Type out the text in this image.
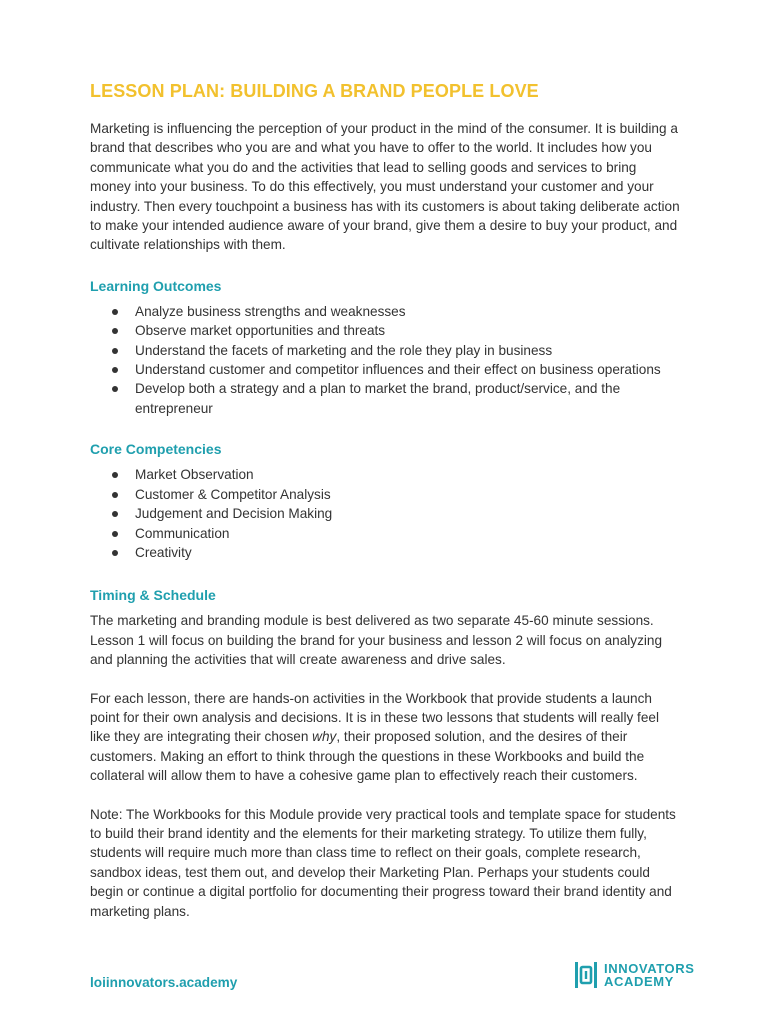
LESSON PLAN: BUILDING A BRAND PEOPLE LOVE

Marketing is influencing the perception of your product in the mind of the consumer. It is building a brand that describes who you are and what you have to offer to the world. It includes how you communicate what you do and the activities that lead to selling goods and services to bring money into your business. To do this effectively, you must understand your customer and your industry. Then every touchpoint a business has with its customers is about taking deliberate action to make your intended audience aware of your brand, give them a desire to buy your product, and cultivate relationships with them.

Learning Outcomes
Analyze business strengths and weaknesses
Observe market opportunities and threats
Understand the facets of marketing and the role they play in business
Understand customer and competitor influences and their effect on business operations
Develop both a strategy and a plan to market the brand, product/service, and the entrepreneur
Core Competencies
Market Observation
Customer & Competitor Analysis
Judgement and Decision Making
Communication
Creativity
Timing & Schedule

The marketing and branding module is best delivered as two separate 45-60 minute sessions. Lesson 1 will focus on building the brand for your business and lesson 2 will focus on analyzing and planning the activities that will create awareness and drive sales.

For each lesson, there are hands-on activities in the Workbook that provide students a launch point for their own analysis and decisions. It is in these two lessons that students will really feel like they are integrating their chosen why, their proposed solution, and the desires of their customers. Making an effort to think through the questions in these Workbooks and build the collateral will allow them to have a cohesive game plan to effectively reach their customers.

Note: The Workbooks for this Module provide very practical tools and template space for students to build their brand identity and the elements for their marketing strategy. To utilize them fully, students will require much more than class time to reflect on their goals, complete research, sandbox ideas, test them out, and develop their Marketing Plan. Perhaps your students could begin or continue a digital portfolio for documenting their progress toward their brand identity and marketing plans.

loiinnovators.academy
INNOVATORS
ACADEMY
